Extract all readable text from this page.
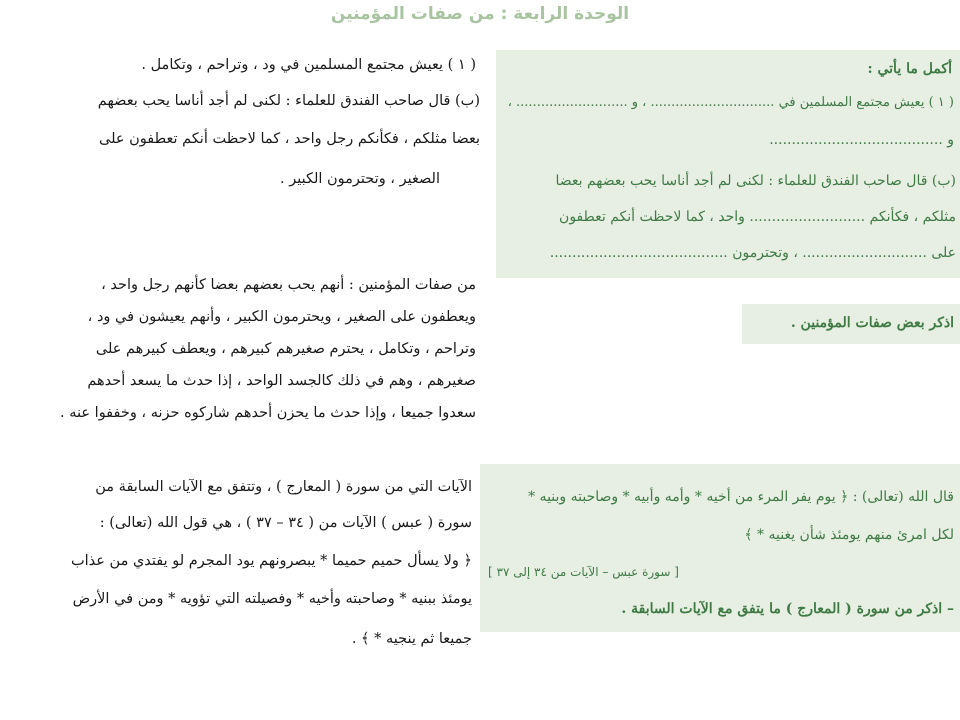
الوحدة الرابعة : من صفات المؤمنين
أكمل ما يأتي :
( ١ ) يعيش مجتمع المسلمين في .............................. ، و ........................... ،
و .......................................
(ب) قال صاحب الفندق للعلماء : لكنى لم أجد أناسا يحب بعضهم بعضا
مثلكم ، فكأنكم .......................... واحد ، كما لاحظت أنكم تعطفون
على ............................ ، وتحترمون ........................................
( ١ ) يعيش مجتمع المسلمين في ود ، وتراحم ، وتكامل .
(ب) قال صاحب الفندق للعلماء : لكنى لم أجد أناسا يحب بعضهم
بعضا مثلكم ، فكأنكم رجل واحد ، كما لاحظت أنكم تعطفون على
الصغير ، وتحترمون الكبير .
اذكر بعض صفات المؤمنين .
من صفات المؤمنين : أنهم يحب بعضهم بعضا كأنهم رجل واحد ،
ويعطفون على الصغير ، ويحترمون الكبير ، وأنهم يعيشون في ود ،
وتراحم ، وتكامل ، يحترم صغيرهم كبيرهم ، ويعطف كبيرهم على
صغيرهم ، وهم في ذلك كالجسد الواحد ، إذا حدث ما يسعد أحدهم
سعدوا جميعا ، وإذا حدث ما يحزن أحدهم شاركوه حزنه ، وخففوا عنه .
قال الله (تعالى) : ﴿ يوم يفر المرء من أخيه * وأمه وأبيه * وصاحبته وبنيه *
لكل امرئ منهم يومئذ شأن يغنيه * ﴾
[ سورة عبس – الآيات من ٣٤ إلى ٣٧ ]
– اذكر من سورة ( المعارج ) ما يتفق مع الآيات السابقة .
الآيات التي من سورة ( المعارج ) ، وتتفق مع الآيات السابقة من
سورة ( عبس ) الآيات من ( ٣٤ – ٣٧ ) ، هي قول الله (تعالى) :
﴿ ولا يسأل حميم حميما * يبصرونهم يود المجرم لو يفتدي من عذاب
يومئذ ببنيه * وصاحبته وأخيه * وفصيلته التي تؤويه * ومن في الأرض
جميعا ثم ينجيه * ﴾ .
